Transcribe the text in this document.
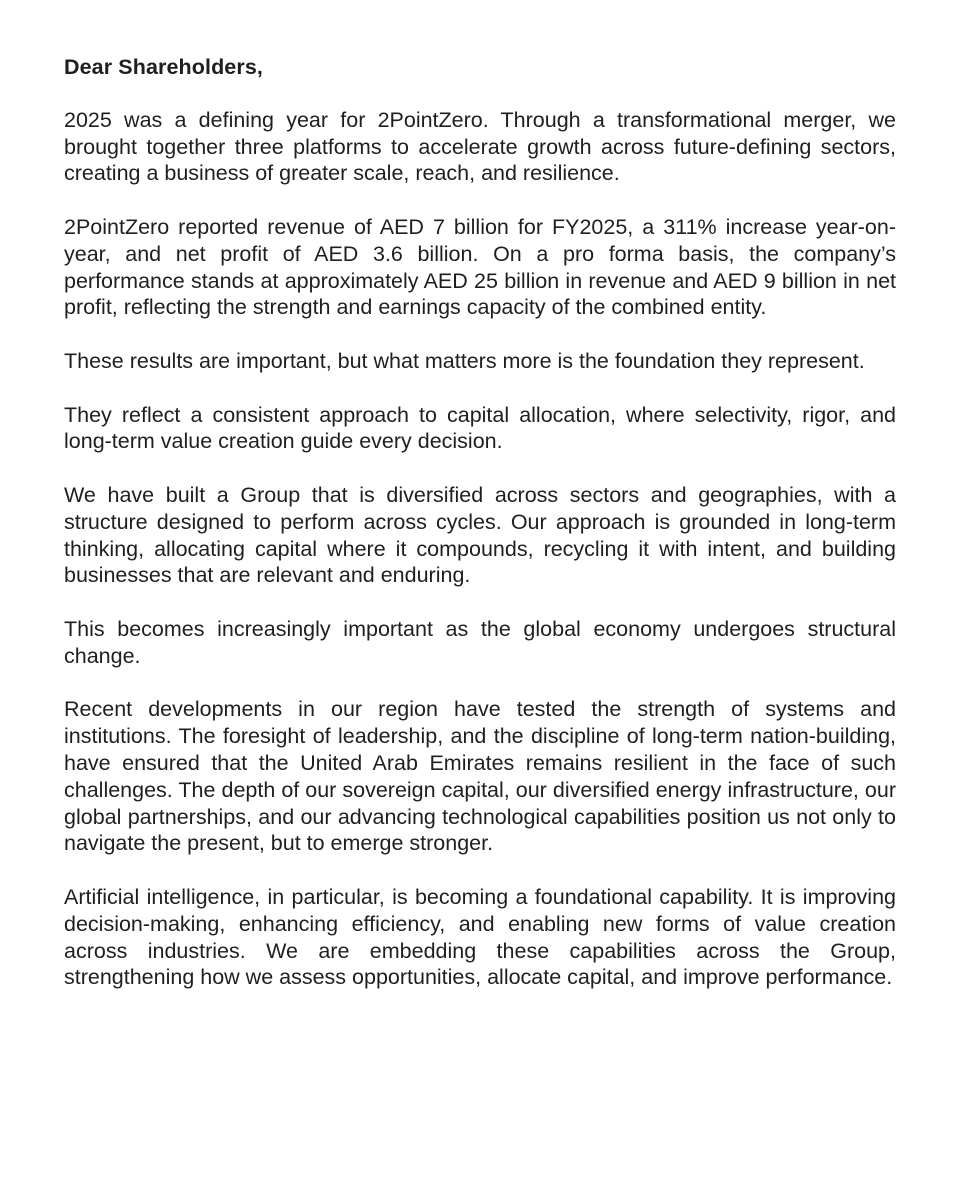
Dear Shareholders,

2025 was a defining year for 2PointZero. Through a transformational merger, we brought together three platforms to accelerate growth across future-defining sectors, creating a business of greater scale, reach, and resilience.

2PointZero reported revenue of AED 7 billion for FY2025, a 311% increase year-on-year, and net profit of AED 3.6 billion. On a pro forma basis, the company’s performance stands at approximately AED 25 billion in revenue and AED 9 billion in net profit, reflecting the strength and earnings capacity of the combined entity.

These results are important, but what matters more is the foundation they represent.

They reflect a consistent approach to capital allocation, where selectivity, rigor, and long-term value creation guide every decision.

We have built a Group that is diversified across sectors and geographies, with a structure designed to perform across cycles. Our approach is grounded in long-term thinking, allocating capital where it compounds, recycling it with intent, and building businesses that are relevant and enduring.

This becomes increasingly important as the global economy undergoes structural change.

Recent developments in our region have tested the strength of systems and institutions. The foresight of leadership, and the discipline of long-term nation-building, have ensured that the United Arab Emirates remains resilient in the face of such challenges. The depth of our sovereign capital, our diversified energy infrastructure, our global partnerships, and our advancing technological capabilities position us not only to navigate the present, but to emerge stronger.

Artificial intelligence, in particular, is becoming a foundational capability. It is improving decision-making, enhancing efficiency, and enabling new forms of value creation across industries. We are embedding these capabilities across the Group, strengthening how we assess opportunities, allocate capital, and improve performance.
